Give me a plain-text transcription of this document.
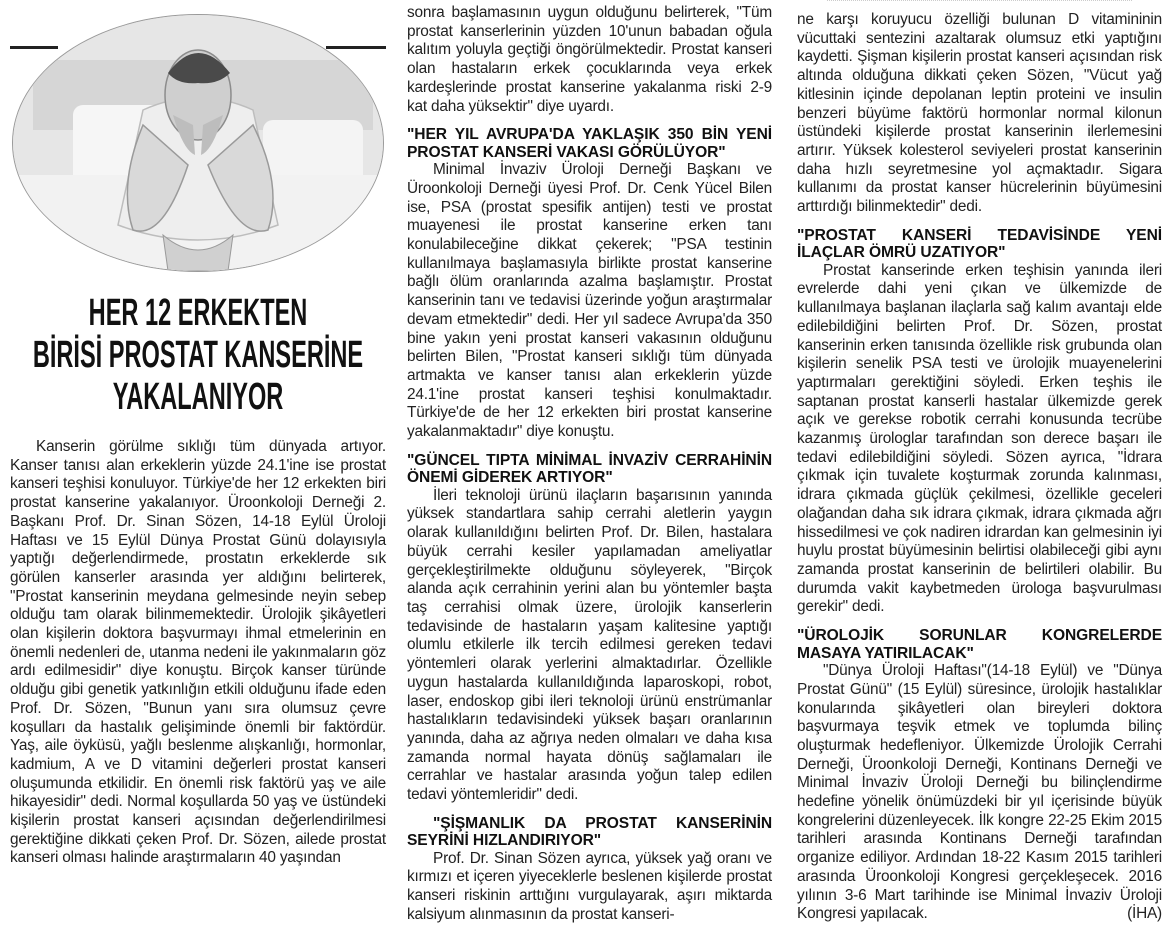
HER 12 ERKEKTEN
BİRİSİ PROSTAT KANSERİNE
YAKALANIYOR

Kanserin görülme sıklığı tüm dünyada artıyor. Kanser tanısı alan erkeklerin yüzde 24.1'ine ise prostat kanseri teşhisi konuluyor. Türkiye'de her 12 erkekten biri prostat kanserine yakalanıyor. Üroonkoloji Derneği 2. Başkanı Prof. Dr. Sinan Sözen, 14-18 Eylül Üroloji Haftası ve 15 Eylül Dünya Prostat Günü dolayısıyla yaptığı değerlendirmede, prostatın erkeklerde sık görülen kanserler arasında yer aldığını belirterek, "Prostat kanserinin meydana gelmesinde neyin sebep olduğu tam olarak bilinmemektedir. Ürolojik şikâyetleri olan kişilerin doktora başvurmayı ihmal etmelerinin en önemli nedenleri de, utanma nedeni ile yakınmaların göz ardı edilmesidir" diye konuştu. Birçok kanser türünde olduğu gibi genetik yatkınlığın etkili olduğunu ifade eden Prof. Dr. Sözen, "Bunun yanı sıra olumsuz çevre koşulları da hastalık gelişiminde önemli bir faktördür. Yaş, aile öyküsü, yağlı beslenme alışkanlığı, hormonlar, kadmium, A ve D vitamini değerleri prostat kanseri oluşumunda etkilidir. En önemli risk faktörü yaş ve aile hikayesidir" dedi. Normal koşullarda 50 yaş ve üstündeki kişilerin prostat kanseri açısından değerlendirilmesi gerektiğine dikkati çeken Prof. Dr. Sözen, ailede prostat kanseri olması halinde araştırmaların 40 yaşından

sonra başlamasının uygun olduğunu belirterek, "Tüm prostat kanserlerinin yüzden 10'unun babadan oğula kalıtım yoluyla geçtiği öngörülmektedir. Prostat kanseri olan hastaların erkek çocuklarında veya erkek kardeşlerinde prostat kanserine yakalanma riski 2-9 kat daha yüksektir" diye uyardı.

"HER YIL AVRUPA'DA YAKLAŞIK 350 BİN YENİ PROSTAT KANSERİ VAKASI GÖRÜLÜYOR"

Minimal İnvaziv Üroloji Derneği Başkanı ve Üroonkoloji Derneği üyesi Prof. Dr. Cenk Yücel Bilen ise, PSA (prostat spesifik antijen) testi ve prostat muayenesi ile prostat kanserine erken tanı konulabileceğine dikkat çekerek; "PSA testinin kullanılmaya başlamasıyla birlikte prostat kanserine bağlı ölüm oranlarında azalma başlamıştır. Prostat kanserinin tanı ve tedavisi üzerinde yoğun araştırmalar devam etmektedir" dedi. Her yıl sadece Avrupa'da 350 bine yakın yeni prostat kanseri vakasının olduğunu belirten Bilen, "Prostat kanseri sıklığı tüm dünyada artmakta ve kanser tanısı alan erkeklerin yüzde 24.1'ine prostat kanseri teşhisi konulmaktadır. Türkiye'de de her 12 erkekten biri prostat kanserine yakalanmaktadır" diye konuştu.

"GÜNCEL TIPTA MİNİMAL İNVAZİV CERRAHİNİN ÖNEMİ GİDEREK ARTIYOR"

İleri teknoloji ürünü ilaçların başarısının yanında yüksek standartlara sahip cerrahi aletlerin yaygın olarak kullanıldığını belirten Prof. Dr. Bilen, hastalara büyük cerrahi kesiler yapılamadan ameliyatlar gerçekleştirilmekte olduğunu söyleyerek, "Birçok alanda açık cerrahinin yerini alan bu yöntemler başta taş cerrahisi olmak üzere, ürolojik kanserlerin tedavisinde de hastaların yaşam kalitesine yaptığı olumlu etkilerle ilk tercih edilmesi gereken tedavi yöntemleri olarak yerlerini almaktadırlar. Özellikle uygun hastalarda kullanıldığında laparoskopi, robot, laser, endoskop gibi ileri teknoloji ürünü enstrümanlar hastalıkların tedavisindeki yüksek başarı oranlarının yanında, daha az ağrıya neden olmaları ve daha kısa zamanda normal hayata dönüş sağlamaları ile cerrahlar ve hastalar arasında yoğun talep edilen tedavi yöntemleridir" dedi.

"ŞİŞMANLIK DA PROSTAT KANSERİNİN SEYRİNİ HIZLANDIRIYOR"

Prof. Dr. Sinan Sözen ayrıca, yüksek yağ oranı ve kırmızı et içeren yiyeceklerle beslenen kişilerde prostat kanseri riskinin arttığını vurgulayarak, aşırı miktarda kalsiyum alınmasının da prostat kanseri-

ne karşı koruyucu özelliği bulunan D vitamininin vücuttaki sentezini azaltarak olumsuz etki yaptığını kaydetti. Şişman kişilerin prostat kanseri açısından risk altında olduğuna dikkati çeken Sözen, "Vücut yağ kitlesinin içinde depolanan leptin proteini ve insulin benzeri büyüme faktörü hormonlar normal kilonun üstündeki kişilerde prostat kanserinin ilerlemesini artırır. Yüksek kolesterol seviyeleri prostat kanserinin daha hızlı seyretmesine yol açmaktadır. Sigara kullanımı da prostat kanser hücrelerinin büyümesini arttırdığı bilinmektedir" dedi.

"PROSTAT KANSERİ TEDAVİSİNDE YENİ İLAÇLAR ÖMRÜ UZATIYOR"

Prostat kanserinde erken teşhisin yanında ileri evrelerde dahi yeni çıkan ve ülkemizde de kullanılmaya başlanan ilaçlarla sağ kalım avantajı elde edilebildiğini belirten Prof. Dr. Sözen, prostat kanserinin erken tanısında özellikle risk grubunda olan kişilerin senelik PSA testi ve ürolojik muayenelerini yaptırmaları gerektiğini söyledi. Erken teşhis ile saptanan prostat kanserli hastalar ülkemizde gerek açık ve gerekse robotik cerrahi konusunda tecrübe kazanmış ürologlar tarafından son derece başarı ile tedavi edilebildiğini söyledi. Sözen ayrıca, "İdrara çıkmak için tuvalete koşturmak zorunda kalınması, idrara çıkmada güçlük çekilmesi, özellikle geceleri olağandan daha sık idrara çıkmak, idrara çıkmada ağrı hissedilmesi ve çok nadiren idrardan kan gelmesinin iyi huylu prostat büyümesinin belirtisi olabileceği gibi aynı zamanda prostat kanserinin de belirtileri olabilir. Bu durumda vakit kaybetmeden ürologa başvurulması gerekir" dedi.

"ÜROLOJİK SORUNLAR KONGRELERDE MASAYA YATIRILACAK"

"Dünya Üroloji Haftası"(14-18 Eylül) ve "Dünya Prostat Günü" (15 Eylül) süresince, ürolojik hastalıklar konularında şikâyetleri olan bireyleri doktora başvurmaya teşvik etmek ve toplumda bilinç oluşturmak hedefleniyor. Ülkemizde Ürolojik Cerrahi Derneği, Üroonkoloji Derneği, Kontinans Derneği ve Minimal İnvaziv Üroloji Derneği bu bilinçlendirme hedefine yönelik önümüzdeki bir yıl içerisinde büyük kongrelerini düzenleyecek. İlk kongre 22-25 Ekim 2015 tarihleri arasında Kontinans Derneği tarafından organize ediliyor. Ardından 18-22 Kasım 2015 tarihleri arasında Üroonkoloji Kongresi gerçekleşecek. 2016 yılının 3-6 Mart tarihinde ise Minimal İnvaziv Üroloji Kongresi yapılacak.	(İHA)
